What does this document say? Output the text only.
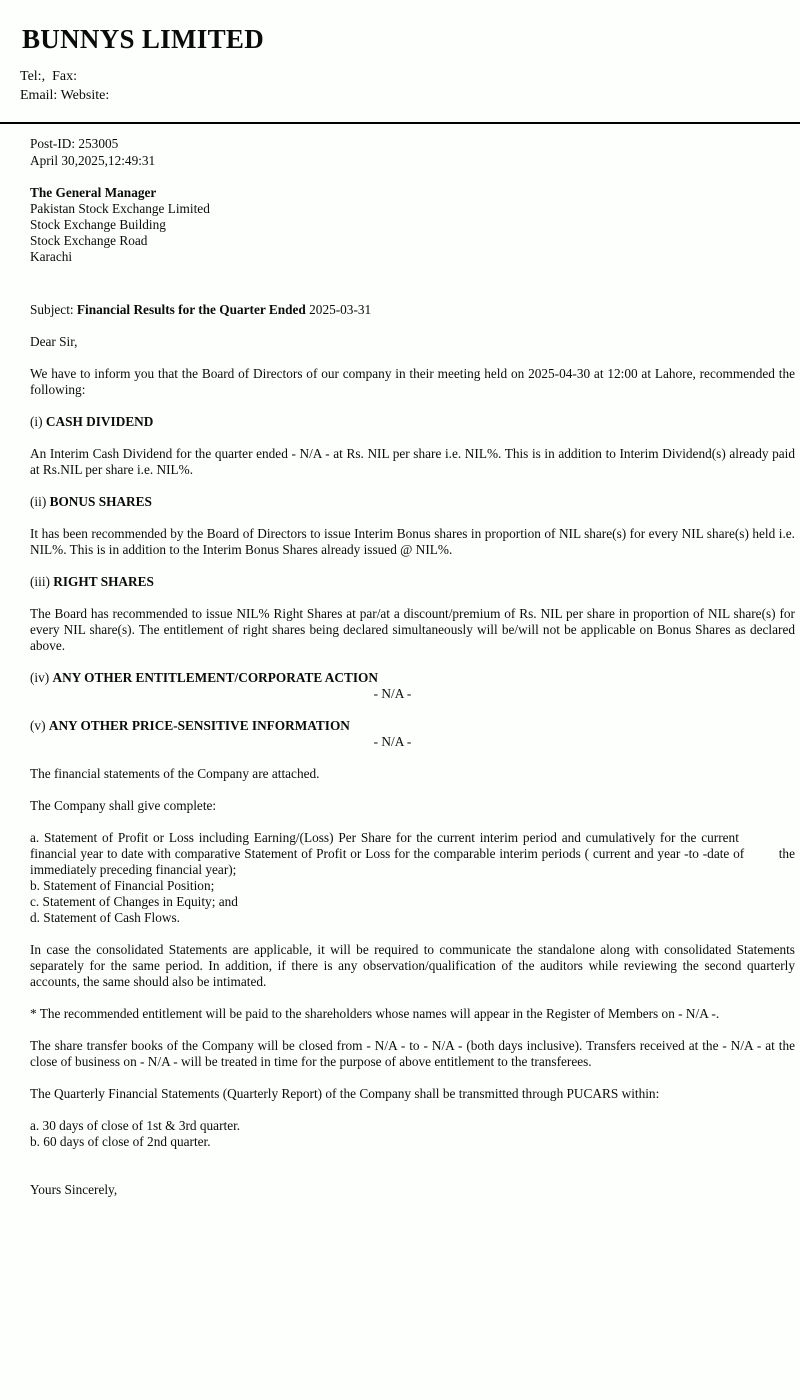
BUNNYS LIMITED
Tel:,  Fax:
Email: Website:
Post-ID: 253005
April 30,2025,12:49:31
The General Manager
Pakistan Stock Exchange Limited
Stock Exchange Building
Stock Exchange Road
Karachi
Subject: Financial Results for the Quarter Ended 2025-03-31

Dear Sir,

We have to inform you that the Board of Directors of our company in their meeting held on 2025-04-30 at 12:00 at Lahore, recommended the following:

(i) CASH DIVIDEND

An Interim Cash Dividend for the quarter ended - N/A - at Rs. NIL per share i.e. NIL%. This is in addition to Interim Dividend(s) already paid at Rs.NIL per share i.e. NIL%.

(ii) BONUS SHARES

It has been recommended by the Board of Directors to issue Interim Bonus shares in proportion of NIL share(s) for every NIL share(s) held i.e. NIL%. This is in addition to the Interim Bonus Shares already issued @ NIL%.

(iii) RIGHT SHARES

The Board has recommended to issue NIL% Right Shares at par/at a discount/premium of Rs. NIL per share in proportion of NIL share(s) for every NIL share(s). The entitlement of right shares being declared simultaneously will be/will not be applicable on Bonus Shares as declared above.

(iv) ANY OTHER ENTITLEMENT/CORPORATE ACTION
- N/A -
(v) ANY OTHER PRICE-SENSITIVE INFORMATION
- N/A -

The financial statements of the Company are attached.

The Company shall give complete:

a. Statement of Profit or Loss including Earning/(Loss) Per Share for the current interim period and cumulatively for the current             financial year to date with comparative Statement of Profit or Loss for the comparable interim periods ( current and year -to -date of         the immediately preceding financial year);
b. Statement of Financial Position;
c. Statement of Changes in Equity; and
d. Statement of Cash Flows.

In case the consolidated Statements are applicable, it will be required to communicate the standalone along with consolidated Statements separately for the same period. In addition, if there is any observation/qualification of the auditors while reviewing the second quarterly accounts, the same should also be intimated.

* The recommended entitlement will be paid to the shareholders whose names will appear in the Register of Members on - N/A -.

The share transfer books of the Company will be closed from - N/A - to - N/A - (both days inclusive). Transfers received at the - N/A - at the close of business on - N/A - will be treated in time for the purpose of above entitlement to the transferees.

The Quarterly Financial Statements (Quarterly Report) of the Company shall be transmitted through PUCARS within:

a. 30 days of close of 1st & 3rd quarter.
b. 60 days of close of 2nd quarter.
Yours Sincerely,
